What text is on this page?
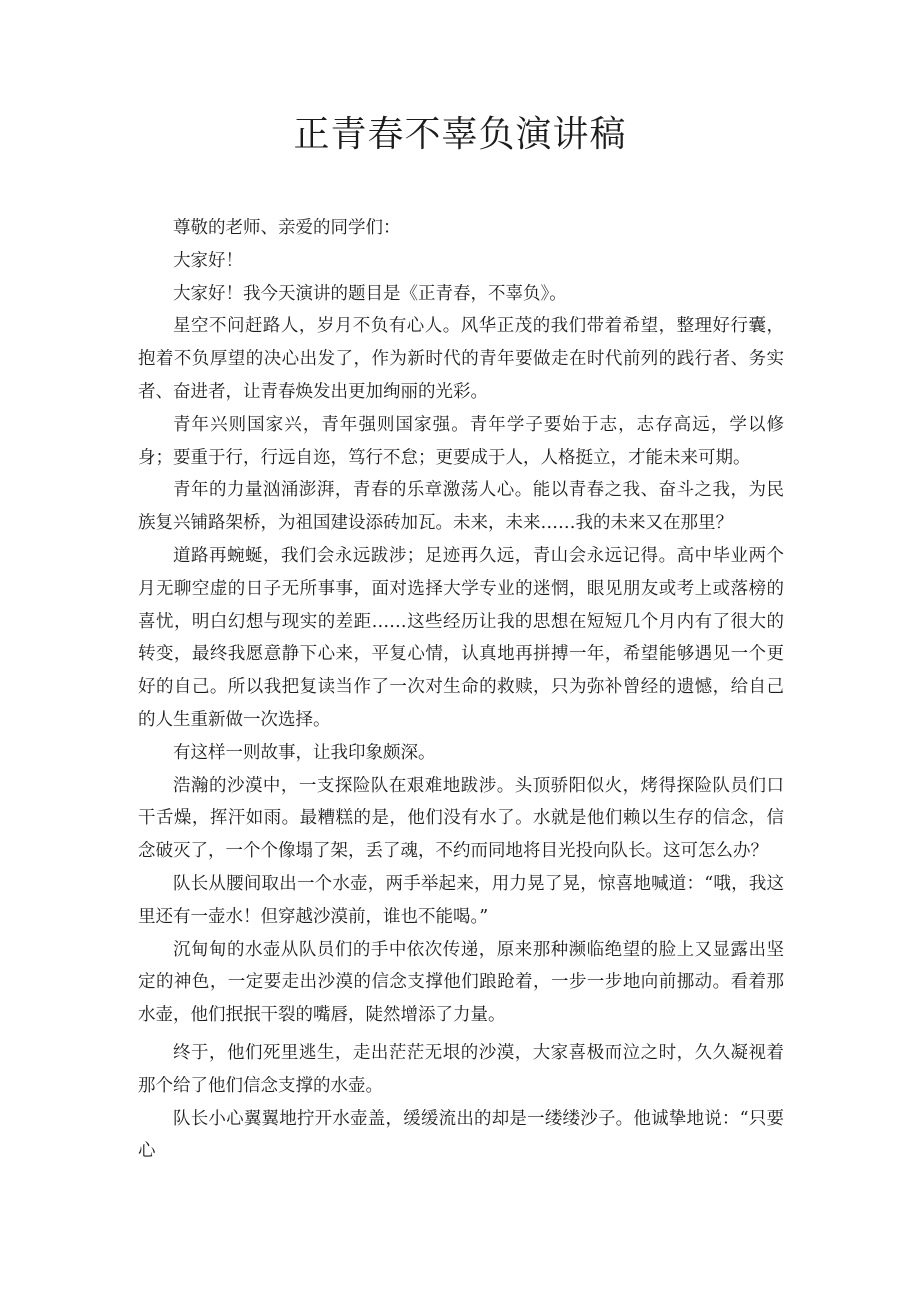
正青春不辜负演讲稿

尊敬的老师、亲爱的同学们：

大家好！

大家好！我今天演讲的题目是《正青春，不辜负》。

星空不问赶路人，岁月不负有心人。风华正茂的我们带着希望，整理好行囊，抱着不负厚望的决心出发了，作为新时代的青年要做走在时代前列的践行者、务实者、奋进者，让青春焕发出更加绚丽的光彩。

青年兴则国家兴，青年强则国家强。青年学子要始于志，志存高远，学以修身；要重于行，行远自迩，笃行不怠；更要成于人，人格挺立，才能未来可期。

青年的力量汹涌澎湃，青春的乐章激荡人心。能以青春之我、奋斗之我，为民族复兴铺路架桥，为祖国建设添砖加瓦。未来，未来……我的未来又在那里？

道路再蜿蜒，我们会永远跋涉；足迹再久远，青山会永远记得。高中毕业两个月无聊空虚的日子无所事事，面对选择大学专业的迷惘，眼见朋友或考上或落榜的喜忧，明白幻想与现实的差距……这些经历让我的思想在短短几个月内有了很大的转变，最终我愿意静下心来，平复心情，认真地再拼搏一年，希望能够遇见一个更好的自己。所以我把复读当作了一次对生命的救赎，只为弥补曾经的遗憾，给自己的人生重新做一次选择。

有这样一则故事，让我印象颇深。

浩瀚的沙漠中，一支探险队在艰难地跋涉。头顶骄阳似火，烤得探险队员们口干舌燥，挥汗如雨。最糟糕的是，他们没有水了。水就是他们赖以生存的信念，信念破灭了，一个个像塌了架，丢了魂，不约而同地将目光投向队长。这可怎么办？

队长从腰间取出一个水壶，两手举起来，用力晃了晃，惊喜地喊道：“哦，我这里还有一壶水！但穿越沙漠前，谁也不能喝。”

沉甸甸的水壶从队员们的手中依次传递，原来那种濒临绝望的脸上又显露出坚定的神色，一定要走出沙漠的信念支撑他们踉跄着，一步一步地向前挪动。看着那水壶，他们抿抿干裂的嘴唇，陡然增添了力量。

终于，他们死里逃生，走出茫茫无垠的沙漠，大家喜极而泣之时，久久凝视着那个给了他们信念支撑的水壶。

队长小心翼翼地拧开水壶盖，缓缓流出的却是一缕缕沙子。他诚挚地说：“只要心
